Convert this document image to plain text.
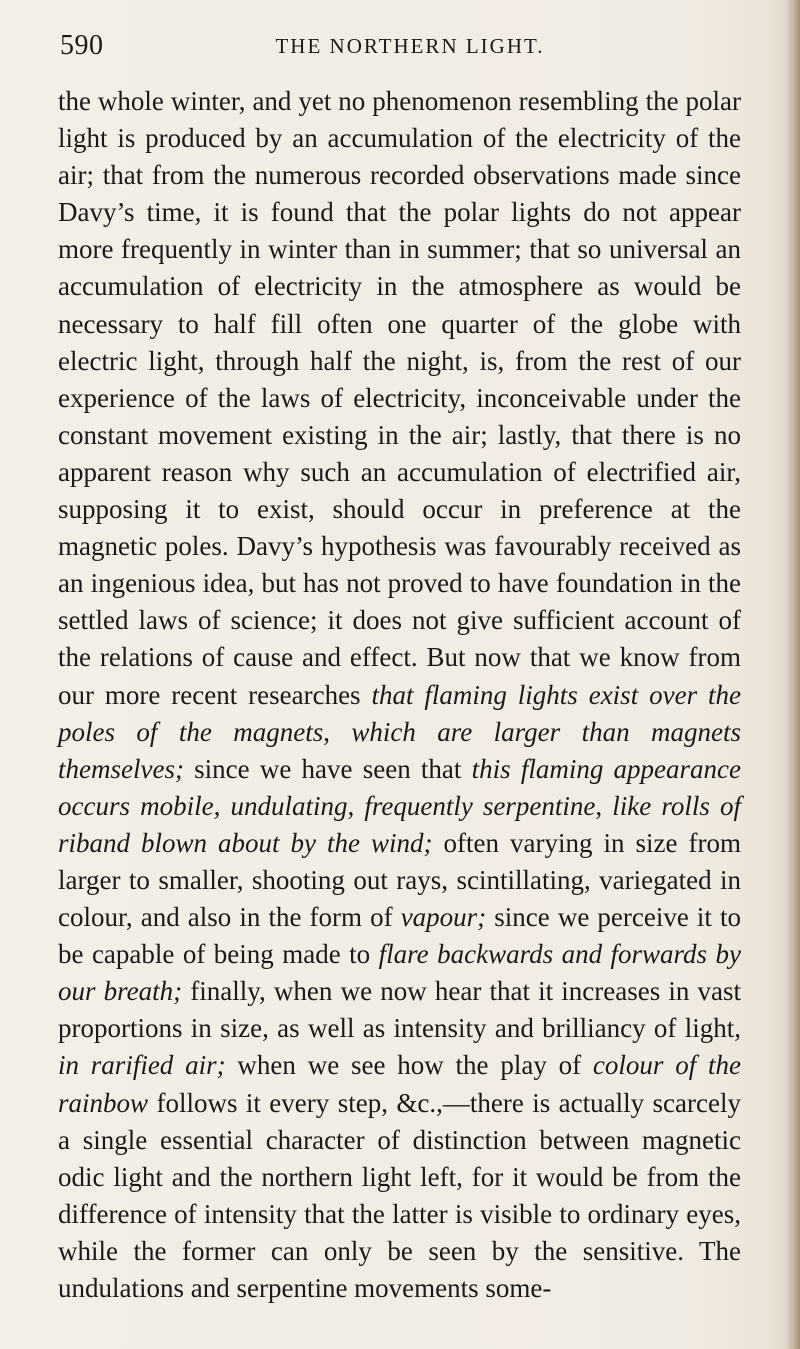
590	THE NORTHERN LIGHT.

the whole winter, and yet no phenomenon resembling the polar light is produced by an accumulation of the electricity of the air; that from the numerous recorded observations made since Davy’s time, it is found that the polar lights do not appear more frequently in winter than in summer; that so universal an accumulation of electricity in the atmosphere as would be necessary to half fill often one quarter of the globe with electric light, through half the night, is, from the rest of our experience of the laws of electricity, inconceivable under the constant movement existing in the air; lastly, that there is no apparent reason why such an accumulation of electrified air, supposing it to exist, should occur in preference at the magnetic poles. Davy’s hypothesis was favourably received as an ingenious idea, but has not proved to have foundation in the settled laws of science; it does not give sufficient account of the relations of cause and effect. But now that we know from our more recent researches that flaming lights exist over the poles of the magnets, which are larger than magnets themselves; since we have seen that this flaming appearance occurs mobile, undulating, frequently serpentine, like rolls of riband blown about by the wind; often varying in size from larger to smaller, shooting out rays, scintillating, variegated in colour, and also in the form of vapour; since we perceive it to be capable of being made to flare backwards and forwards by our breath; finally, when we now hear that it increases in vast proportions in size, as well as intensity and brilliancy of light, in rarified air; when we see how the play of colour of the rainbow follows it every step, &c.,—there is actually scarcely a single essential character of distinction between magnetic odic light and the northern light left, for it would be from the difference of intensity that the latter is visible to ordinary eyes, while the former can only be seen by the sensitive. The undulations and serpentine movements some-
